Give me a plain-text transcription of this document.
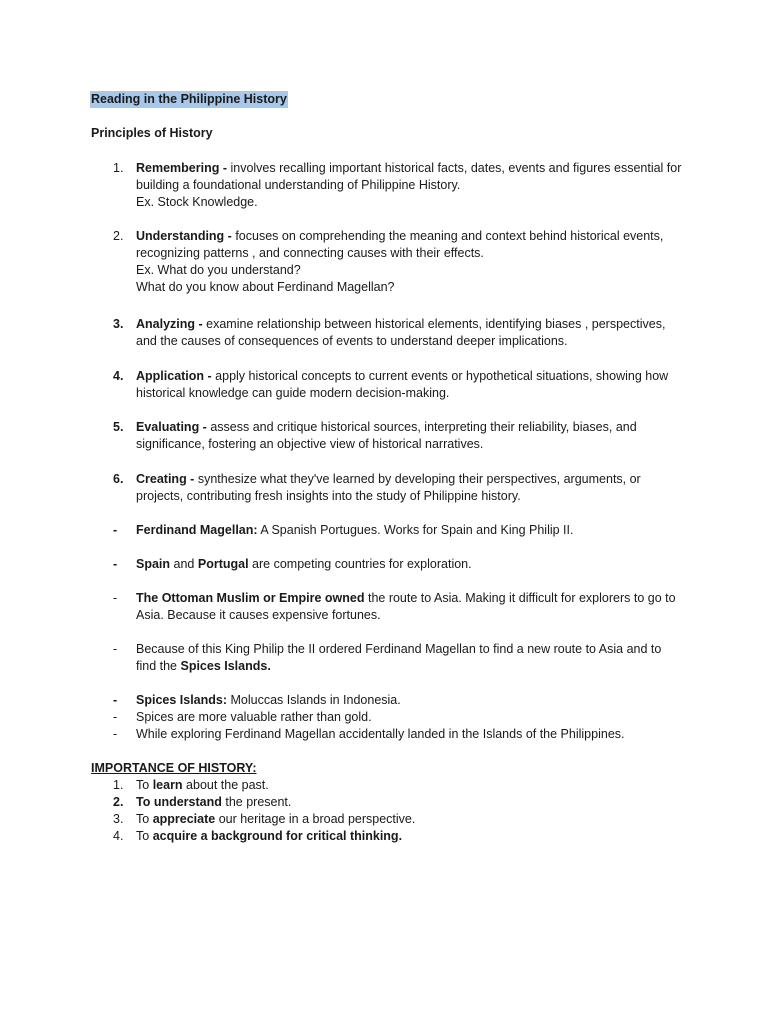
Reading in the Philippine History
Principles of History
1. Remembering - involves recalling important historical facts, dates, events and figures essential for building a foundational understanding of Philippine History.
Ex. Stock Knowledge.
2. Understanding - focuses on comprehending the meaning and context behind historical events, recognizing patterns , and connecting causes with their effects.
Ex. What do you understand?
What do you know about Ferdinand Magellan?
3. Analyzing - examine relationship between historical elements, identifying biases , perspectives, and the causes of consequences of events to understand deeper implications.
4. Application - apply historical concepts to current events or hypothetical situations, showing how historical knowledge can guide modern decision-making.
5. Evaluating - assess and critique historical sources, interpreting their reliability, biases, and significance, fostering an objective view of historical narratives.
6. Creating - synthesize what they've learned by developing their perspectives, arguments, or projects, contributing fresh insights into the study of Philippine history.
- Ferdinand Magellan: A Spanish Portugues. Works for Spain and King Philip II.
- Spain and Portugal are competing countries for exploration.
- The Ottoman Muslim or Empire owned the route to Asia. Making it difficult for explorers to go to Asia. Because it causes expensive fortunes.
- Because of this King Philip the II ordered Ferdinand Magellan to find a new route to Asia and to find the Spices Islands.
- Spices Islands: Moluccas Islands in Indonesia.
- Spices are more valuable rather than gold.
- While exploring Ferdinand Magellan accidentally landed in the Islands of the Philippines.
IMPORTANCE OF HISTORY:
1. To learn about the past.
2. To understand the present.
3. To appreciate our heritage in a broad perspective.
4. To acquire a background for critical thinking.
